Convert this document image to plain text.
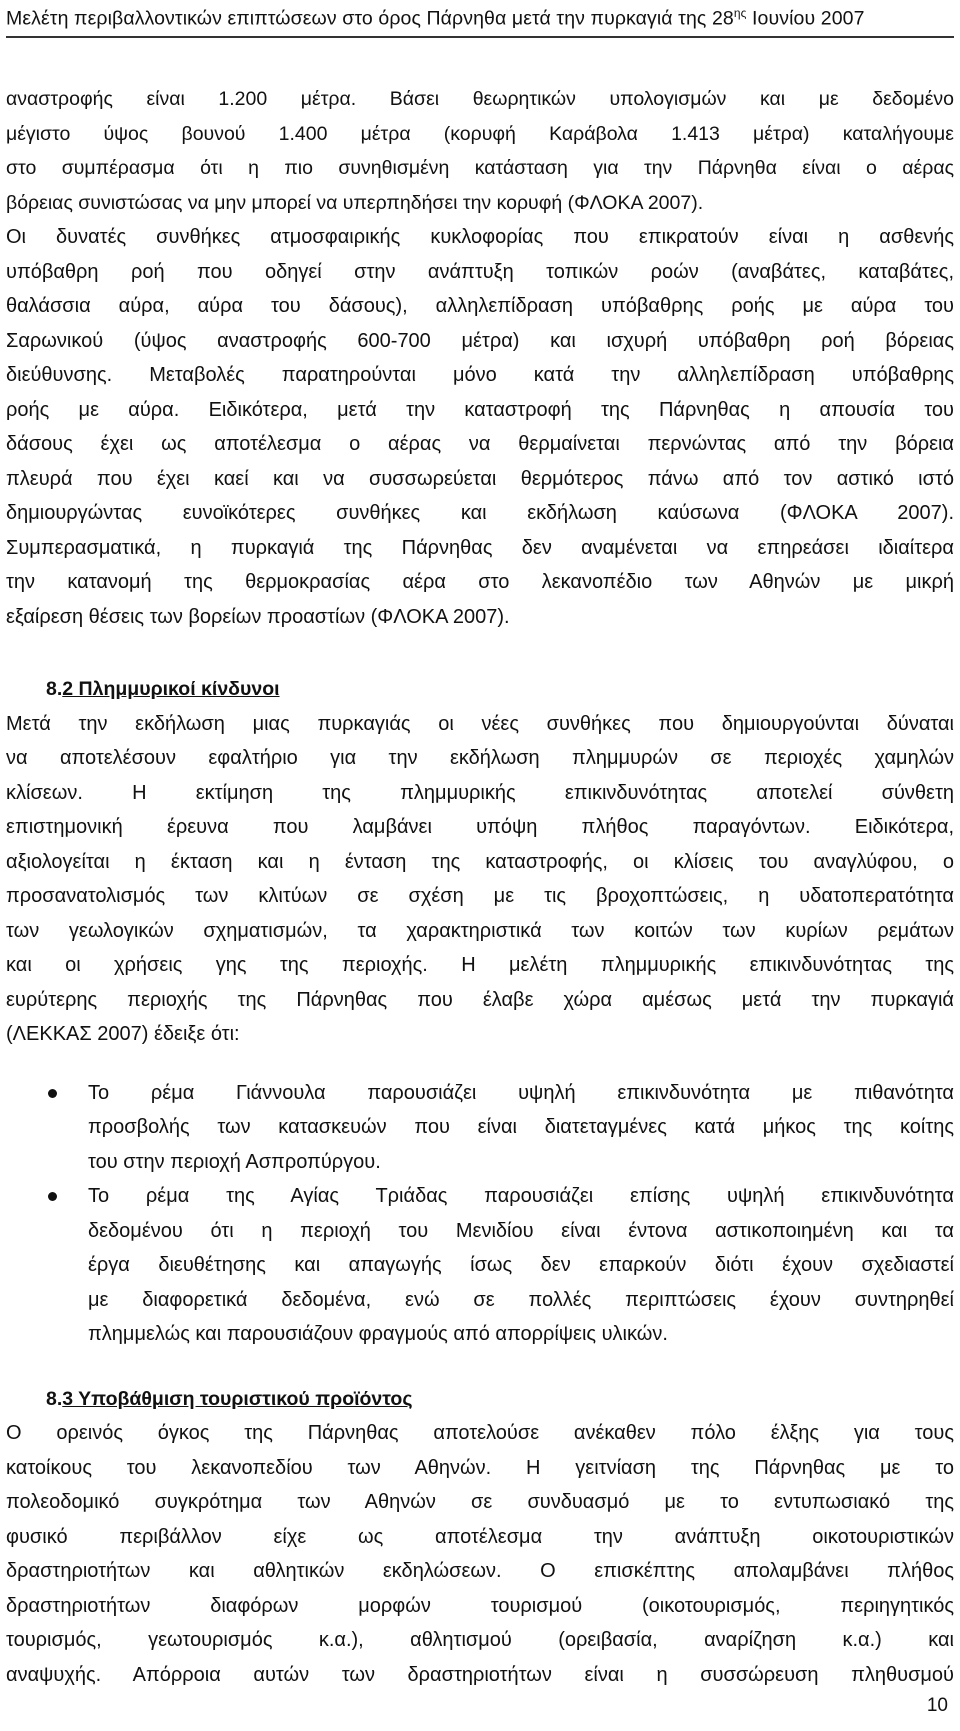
Μελέτη περιβαλλοντικών επιπτώσεων στο όρος Πάρνηθα μετά την πυρκαγιά της $28^{\eta\varsigma}$ Ιουνίου 2007

αναστροφής είναι 1.200 μέτρα. Βάσει θεωρητικών υπολογισμών και με δεδομένο

μέγιστο ύψος βουνού 1.400 μέτρα (κορυφή Καράβολα 1.413 μέτρα) καταλήγουμε

στο συμπέρασμα ότι η πιο συνηθισμένη κατάσταση για την Πάρνηθα είναι ο αέρας

βόρειας συνιστώσας να μην μπορεί να υπερπηδήσει την κορυφή (ΦΛΟΚΑ 2007).

Οι δυνατές συνθήκες ατμοσφαιρικής κυκλοφορίας που επικρατούν είναι η ασθενής

υπόβαθρη ροή που οδηγεί στην ανάπτυξη τοπικών ροών (αναβάτες, καταβάτες,

θαλάσσια αύρα, αύρα του δάσους), αλληλεπίδραση υπόβαθρης ροής με αύρα του

Σαρωνικού (ύψος αναστροφής 600-700 μέτρα) και ισχυρή υπόβαθρη ροή βόρειας

διεύθυνσης. Μεταβολές παρατηρούνται μόνο κατά την αλληλεπίδραση υπόβαθρης

ροής με αύρα. Ειδικότερα, μετά την καταστροφή της Πάρνηθας η απουσία του

δάσους έχει ως αποτέλεσμα ο αέρας να θερμαίνεται περνώντας από την βόρεια

πλευρά που έχει καεί και να συσσωρεύεται θερμότερος πάνω από τον αστικό ιστό

δημιουργώντας ευνοϊκότερες συνθήκες και εκδήλωση καύσωνα (ΦΛΟΚΑ 2007).

Συμπερασματικά, η πυρκαγιά της Πάρνηθας δεν αναμένεται να επηρεάσει ιδιαίτερα

την κατανομή της θερμοκρασίας αέρα στο λεκανοπέδιο των Αθηνών με μικρή

εξαίρεση θέσεις των βορείων προαστίων (ΦΛΟΚΑ 2007).

8.2 Πλημμυρικοί κίνδυνοι

Μετά την εκδήλωση μιας πυρκαγιάς οι νέες συνθήκες που δημιουργούνται δύναται

να αποτελέσουν εφαλτήριο για την εκδήλωση πλημμυρών σε περιοχές χαμηλών

κλίσεων. Η εκτίμηση της πλημμυρικής επικινδυνότητας αποτελεί σύνθετη

επιστημονική έρευνα που λαμβάνει υπόψη πλήθος παραγόντων. Ειδικότερα,

αξιολογείται η έκταση και η ένταση της καταστροφής, οι κλίσεις του αναγλύφου, ο

προσανατολισμός των κλιτύων σε σχέση με τις βροχοπτώσεις, η υδατοπερατότητα

των γεωλογικών σχηματισμών, τα χαρακτηριστικά των κοιτών των κυρίων ρεμάτων

και οι χρήσεις γης της περιοχής. Η μελέτη πλημμυρικής επικινδυνότητας της

ευρύτερης περιοχής της Πάρνηθας που έλαβε χώρα αμέσως μετά την πυρκαγιά

(ΛΕΚΚΑΣ 2007) έδειξε ότι:

Το ρέμα Γιάννουλα παρουσιάζει υψηλή επικινδυνότητα με πιθανότητα

προσβολής των κατασκευών που είναι διατεταγμένες κατά μήκος της κοίτης

του στην περιοχή Ασπροπύργου.

Το ρέμα της Αγίας Τριάδας παρουσιάζει επίσης υψηλή επικινδυνότητα

δεδομένου ότι η περιοχή του Μενιδίου είναι έντονα αστικοποιημένη και τα

έργα διευθέτησης και απαγωγής ίσως δεν επαρκούν διότι έχουν σχεδιαστεί

με διαφορετικά δεδομένα, ενώ σε πολλές περιπτώσεις έχουν συντηρηθεί

πλημμελώς και παρουσιάζουν φραγμούς από απορρίψεις υλικών.

8.3 Υποβάθμιση τουριστικού προϊόντος

Ο ορεινός όγκος της Πάρνηθας αποτελούσε ανέκαθεν πόλο έλξης για τους

κατοίκους του λεκανοπεδίου των Αθηνών. Η γειτνίαση της Πάρνηθας με το

πολεοδομικό συγκρότημα των Αθηνών σε συνδυασμό με το εντυπωσιακό της

φυσικό περιβάλλον είχε ως αποτέλεσμα την ανάπτυξη οικοτουριστικών

δραστηριοτήτων και αθλητικών εκδηλώσεων. Ο επισκέπτης απολαμβάνει πλήθος

δραστηριοτήτων διαφόρων μορφών τουρισμού (οικοτουρισμός, περιηγητικός

τουρισμός, γεωτουρισμός κ.α.), αθλητισμού (ορειβασία, αναρίζηση κ.α.) και

αναψυχής. Απόρροια αυτών των δραστηριοτήτων είναι η συσσώρευση πληθυσμού

10
